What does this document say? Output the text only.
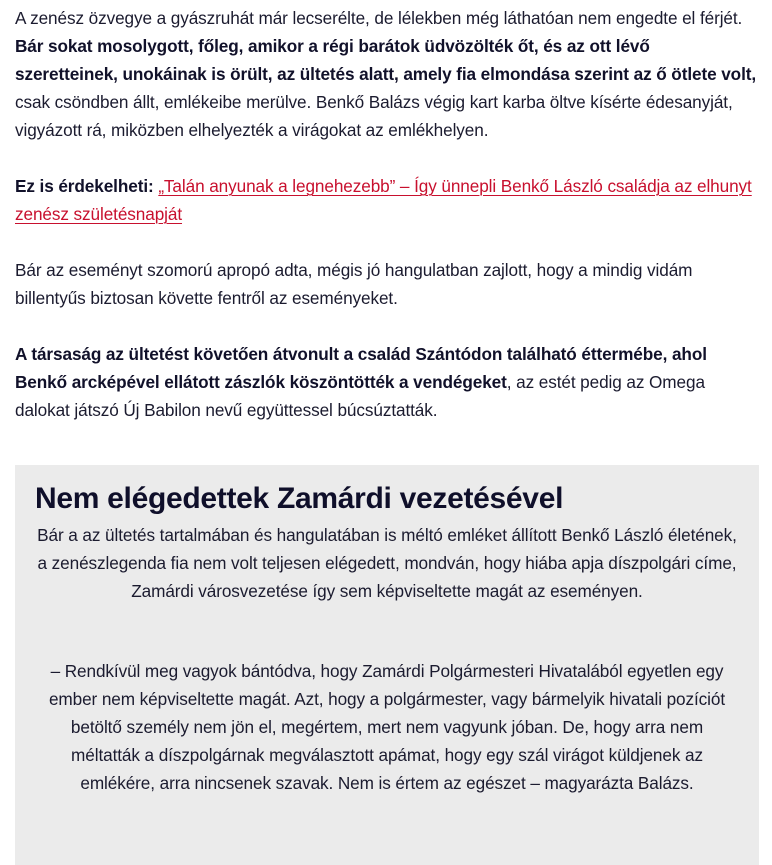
A zenész özvegye a gyászruhát már lecserélte, de lélekben még láthatóan nem engedte el férjét. Bár sokat mosolygott, főleg, amikor a régi barátok üdvözölték őt, és az ott lévő szeretteinek, unokáinak is örült, az ültetés alatt, amely fia elmondása szerint az ő ötlete volt, csak csöndben állt, emlékeibe merülve. Benkő Balázs végig kart karba öltve kísérte édesanyját, vigyázott rá, miközben elhelyezték a virágokat az emlékhelyen.

Ez is érdekelheti: „Talán anyunak a legnehezebb” – Így ünnepli Benkő László családja az elhunyt zenész születésnapját

Bár az eseményt szomorú apropó adta, mégis jó hangulatban zajlott, hogy a mindig vidám billentyűs biztosan követte fentről az eseményeket.

A társaság az ültetést követően átvonult a család Szántódon található éttermébe, ahol Benkő arcképével ellátott zászlók köszöntötték a vendégeket, az estét pedig az Omega dalokat játszó Új Babilon nevű együttessel búcsúztatták.

Nem elégedettek Zamárdi vezetésével

Bár a az ültetés tartalmában és hangulatában is méltó emléket állított Benkő László életének, a zenészlegenda fia nem volt teljesen elégedett, mondván, hogy hiába apja díszpolgári címe, Zamárdi városvezetése így sem képviseltette magát az eseményen.

– Rendkívül meg vagyok bántódva, hogy Zamárdi Polgármesteri Hivatalából egyetlen egy ember nem képviseltette magát. Azt, hogy a polgármester, vagy bármelyik hivatali pozíciót betöltő személy nem jön el, megértem, mert nem vagyunk jóban. De, hogy arra nem méltatták a díszpolgárnak megválasztott apámat, hogy egy szál virágot küldjenek az emlékére, arra nincsenek szavak. Nem is értem az egészet – magyarázta Balázs.
